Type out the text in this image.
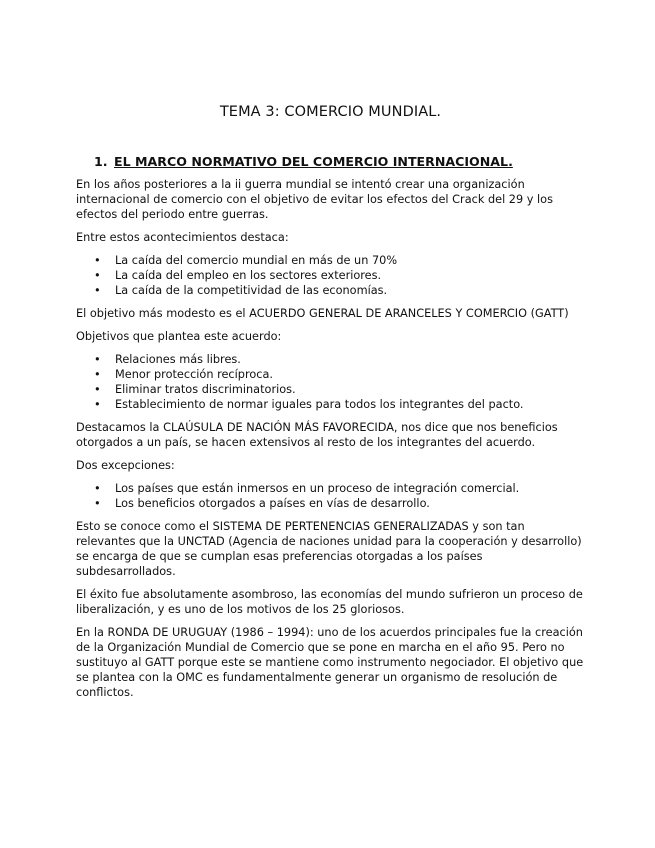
TEMA 3: COMERCIO MUNDIAL.
1. EL MARCO NORMATIVO DEL COMERCIO INTERNACIONAL.

En los años posteriores a la ii guerra mundial se intentó crear una organización internacional de comercio con el objetivo de evitar los efectos del Crack del 29 y los efectos del periodo entre guerras.

Entre estos acontecimientos destaca:

• La caída del comercio mundial en más de un 70%
• La caída del empleo en los sectores exteriores.
• La caída de la competitividad de las economías.

El objetivo más modesto es el ACUERDO GENERAL DE ARANCELES Y COMERCIO (GATT)

Objetivos que plantea este acuerdo:

• Relaciones más libres.
• Menor protección recíproca.
• Eliminar tratos discriminatorios.
• Establecimiento de normar iguales para todos los integrantes del pacto.

Destacamos la CLAÚSULA DE NACIÓN MÁS FAVORECIDA, nos dice que nos beneficios otorgados a un país, se hacen extensivos al resto de los integrantes del acuerdo.

Dos excepciones:

• Los países que están inmersos en un proceso de integración comercial.
• Los beneficios otorgados a países en vías de desarrollo.

Esto se conoce como el SISTEMA DE PERTENENCIAS GENERALIZADAS y son tan relevantes que la UNCTAD (Agencia de naciones unidad para la cooperación y desarrollo) se encarga de que se cumplan esas preferencias otorgadas a los países subdesarrollados.

El éxito fue absolutamente asombroso, las economías del mundo sufrieron un proceso de liberalización, y es uno de los motivos de los 25 gloriosos.

En la RONDA DE URUGUAY (1986 – 1994): uno de los acuerdos principales fue la creación de la Organización Mundial de Comercio que se pone en marcha en el año 95. Pero no sustituyo al GATT porque este se mantiene como instrumento negociador. El objetivo que se plantea con la OMC es fundamentalmente generar un organismo de resolución de conflictos.
